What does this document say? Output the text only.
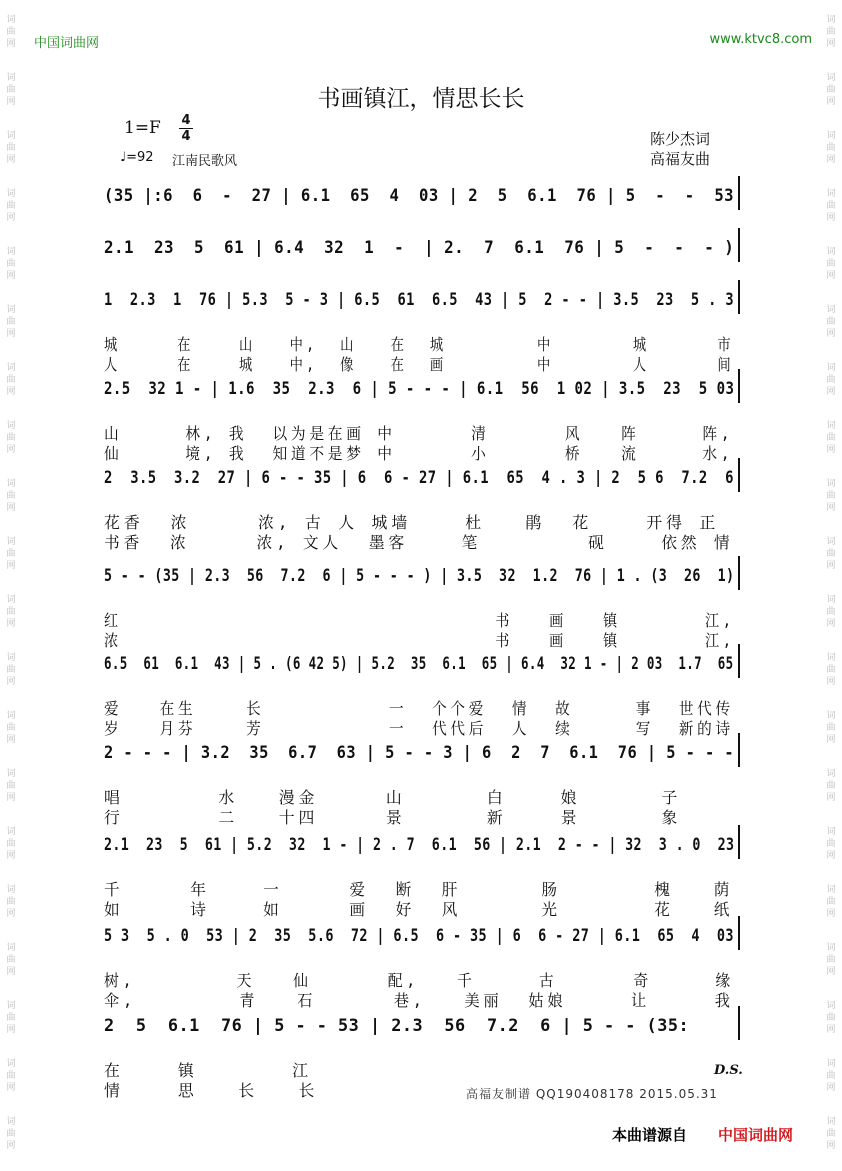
词
曲
网
词
曲
网
词
曲
网
词
曲
网
词
曲
网
词
曲
网
词
曲
网
词
曲
网
词
曲
网
词
曲
网
词
曲
网
词
曲
网
词
曲
网
词
曲
网
词
曲
网
词
曲
网
词
曲
网
词
曲
网
词
曲
网
词
曲
网
词
曲
网
词
曲
网
词
曲
网
词
曲
网
词
曲
网
词
曲
网
词
曲
网
词
曲
网
词
曲
网
词
曲
网
词
曲
网
词
曲
网
词
曲
网
词
曲
网
词
曲
网
词
曲
网
词
曲
网
词
曲
网
词
曲
网
词
曲
网
中国词曲网	www.ktvc8.com
书画镇江，情思长长
1=F 4
4
♩=92 江南民歌风
陈少杰词
高福友曲
(35 |:6  6  -  27 | 6.1  65  4  03 | 2  5  6.1  76 | 5  -  -  53
2.1  23  5  61 | 6.4  32  1  -  | 2.  7  6.1  76 | 5  -  -  - )
1  2.3  1  76 | 5.3  5 - 3 | 6.5  61  6.5  43 | 5  2 - - | 3.5  23  5 . 3
城     在    山   中,  山   在  城        中       城      市
人     在    城   中,  像   在  画        中       人      间
2.5  32 1 - | 1.6  35  2.3  6 | 5 - - - | 6.1  56  1 02 | 3.5  23  5 03
山     林, 我  以为是在画 中      清      风   阵     阵,
仙     境, 我  知道不是梦 中      小      桥   流     水,
2  3.5  3.2  27 | 6 - - 35 | 6  6 - 27 | 6.1  65  4 . 3 | 2  5 6  7.2  6
花香  浓     浓, 古 人 城墙    杜   鹃  花    开得 正
书香  浓     浓, 文人  墨客    笔        砚    依然 情
5 - - (35 | 2.3  56  7.2  6 | 5 - - - ) | 3.5  32  1.2  76 | 1 . (3  26  1)
红                               书   画   镇       江,
浓                               书   画   镇       江,
6.5  61  6.1  43 | 5 . (6 42 5) | 5.2  35  6.1  65 | 6.4  32 1 - | 2 03  1.7  65
爱   在生    长          一  个个爱  情  故     事  世代传
岁   月芬    芳          一  代代后  人  续     写  新的诗
2 - - - | 3.2  35  6.7  63 | 5 - - 3 | 6  2  7  6.1  76 | 5 - - -
唱       水   漫金     山      白    娘      子
行       二   十四     景      新    景      象
2.1  23  5  61 | 5.2  32  1 - | 2 . 7  6.1  56 | 2.1  2 - - | 32  3 . 0  23
千     年    一     爱  断  肝      肠       槐   荫
如     诗    如     画  好  风      光       花   纸
5 3  5 . 0  53 | 2  35  5.6  72 | 6.5  6 - 35 | 6  6 - 27 | 6.1  65  4  03
树,        天   仙      配,   千     古      奇     缘
伞,        青   石      巷,   美丽  姑娘     让     我
2  5  6.1  76 | 5 - - 53 | 2.3  56  7.2  6 | 5 - - (35:
在    镇       江
情    思   长   长
D.S.
高福友制谱 QQ190408178 2015.05.31
本曲谱源自 中国词曲网
